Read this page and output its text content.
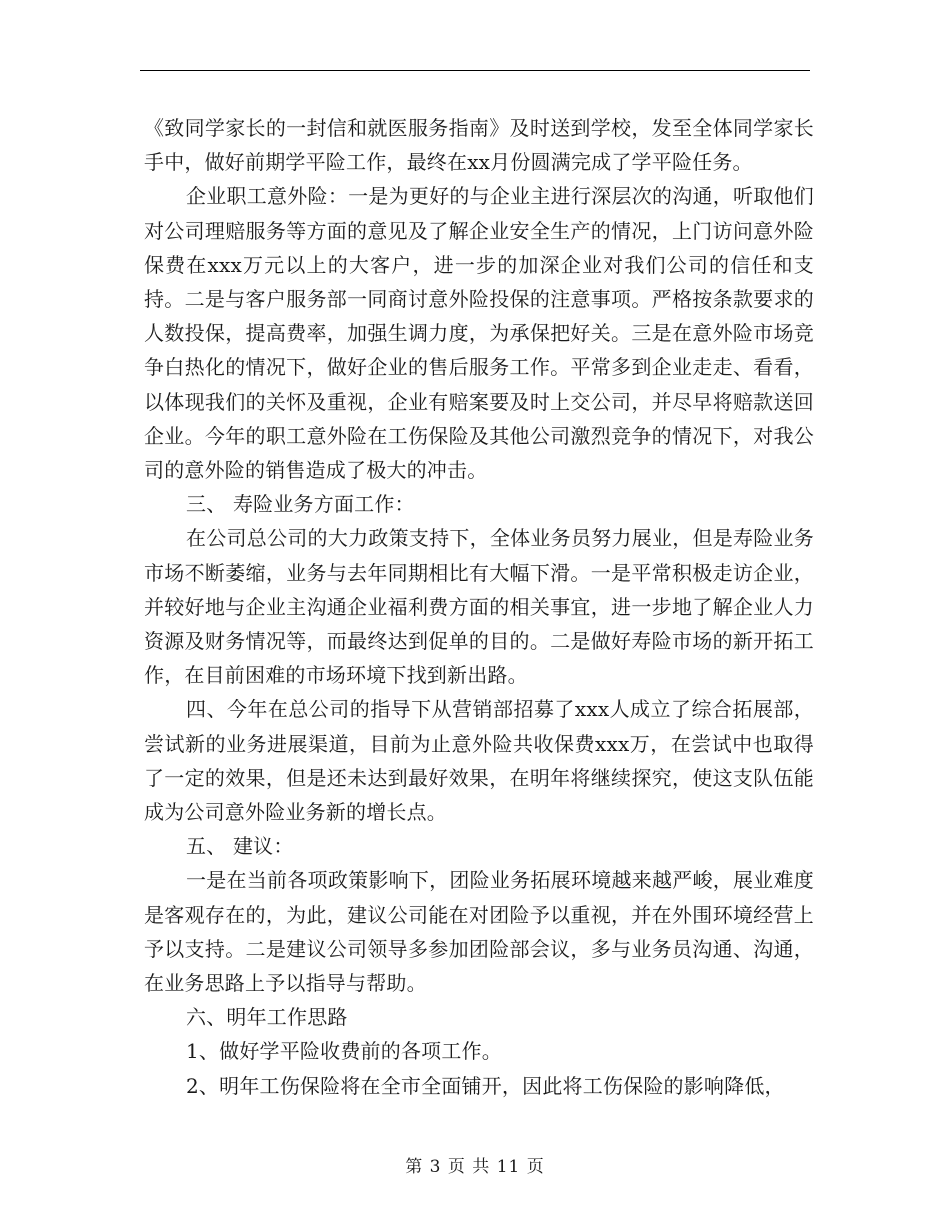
《致同学家长的一封信和就医服务指南》及时送到学校，发至全体同学家长手中，做好前期学平险工作，最终在xx月份圆满完成了学平险任务。

企业职工意外险：一是为更好的与企业主进行深层次的沟通，听取他们对公司理赔服务等方面的意见及了解企业安全生产的情况，上门访问意外险保费在xxx万元以上的大客户，进一步的加深企业对我们公司的信任和支持。二是与客户服务部一同商讨意外险投保的注意事项。严格按条款要求的人数投保，提高费率，加强生调力度，为承保把好关。三是在意外险市场竞争白热化的情况下，做好企业的售后服务工作。平常多到企业走走、看看，以体现我们的关怀及重视，企业有赔案要及时上交公司，并尽早将赔款送回企业。今年的职工意外险在工伤保险及其他公司激烈竞争的情况下，对我公司的意外险的销售造成了极大的冲击。

三、 寿险业务方面工作：

在公司总公司的大力政策支持下，全体业务员努力展业，但是寿险业务市场不断萎缩，业务与去年同期相比有大幅下滑。一是平常积极走访企业，并较好地与企业主沟通企业福利费方面的相关事宜，进一步地了解企业人力资源及财务情况等，而最终达到促单的目的。二是做好寿险市场的新开拓工作，在目前困难的市场环境下找到新出路。

四、今年在总公司的指导下从营销部招募了xxx人成立了综合拓展部，尝试新的业务进展渠道，目前为止意外险共收保费xxx万，在尝试中也取得了一定的效果，但是还未达到最好效果，在明年将继续探究，使这支队伍能成为公司意外险业务新的增长点。

五、 建议：

一是在当前各项政策影响下，团险业务拓展环境越来越严峻，展业难度是客观存在的，为此，建议公司能在对团险予以重视，并在外围环境经营上予以支持。二是建议公司领导多参加团险部会议，多与业务员沟通、沟通，在业务思路上予以指导与帮助。

六、明年工作思路

1、做好学平险收费前的各项工作。

2、明年工伤保险将在全市全面铺开，因此将工伤保险的影响降低，

第 3 页 共 11 页
